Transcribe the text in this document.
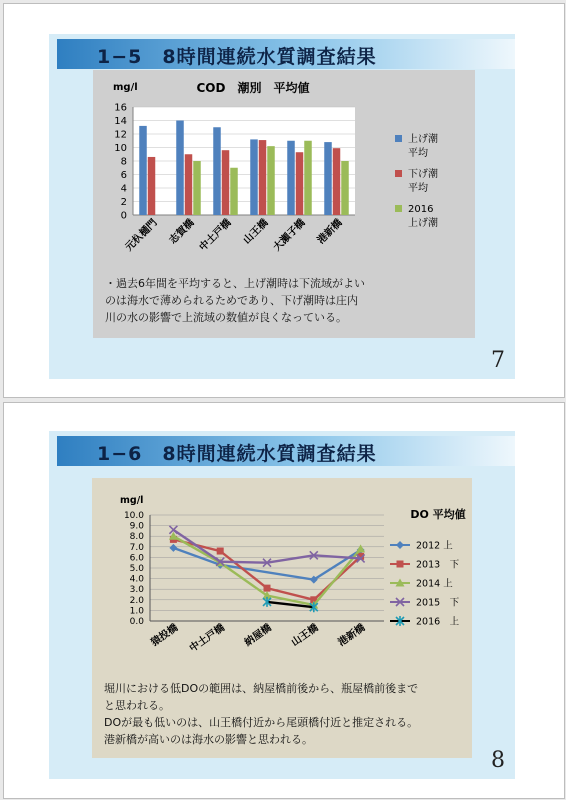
1−5　8時間連続水質調査結果
7
1−6　8時間連続水質調査結果
8
0
2
4
6
8
10
12
14
16
mg/l	COD　潮別　平均値
元杁樋門 志賀橋 中土戸橋 山王橋 大瀬子橋 港新橋
上げ潮
平均
下げ潮
平均
2016
上げ潮
・過去6年間を平均すると、上げ潮時は下流域がよい
のは海水で薄められるためであり、下げ潮時は庄内
川の水の影響で上流域の数値が良くなっている。
mg/l
0.0
1.0
2.0
3.0
4.0
5.0
6.0
7.0
8.0
9.0
10.0	DO 平均値
猿投橋 中土戸橋 納屋橋 山王橋 港新橋
2012 上
2013　下
2014 上
2015　下
2016　上
堀川における低DOの範囲は、納屋橋前後から、瓶屋橋前後まで
と思われる。
DOが最も低いのは、山王橋付近から尾頭橋付近と推定される。
港新橋が高いのは海水の影響と思われる。
